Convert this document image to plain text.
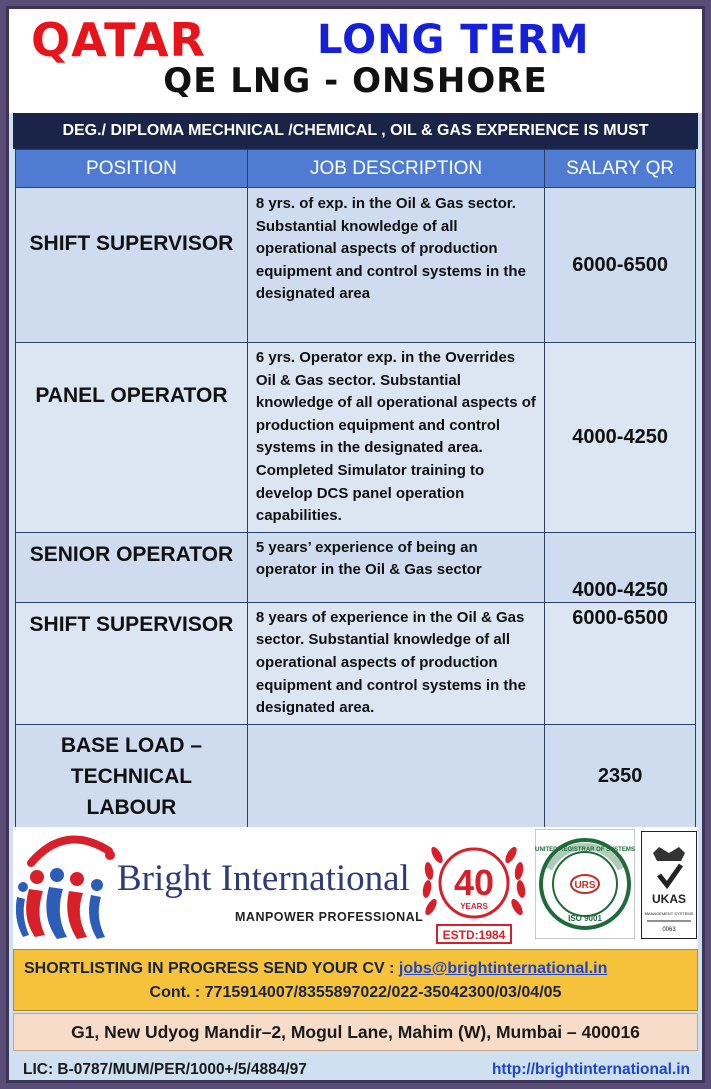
QATAR	LONG TERM
QE LNG - ONSHORE
DEG./ DIPLOMA MECHNICAL /CHEMICAL , OIL & GAS EXPERIENCE IS MUST
POSITION	JOB DESCRIPTION	SALARY QR
SHIFT SUPERVISOR	8 yrs. of exp. in the Oil & Gas sector. Substantial knowledge of all operational aspects of production equipment and control systems in the designated area	6000-6500
PANEL OPERATOR	6 yrs. Operator exp. in the Overrides Oil & Gas sector. Substantial knowledge of all operational aspects of production equipment and control systems in the designated area. Completed Simulator training to develop DCS panel operation capabilities.	4000-4250
SENIOR OPERATOR	5 years’ experience of being an operator in the Oil & Gas sector	4000-4250
SHIFT SUPERVISOR	8 years of experience in the Oil & Gas sector. Substantial knowledge of all operational aspects of production equipment and control systems in the designated area.	6000-6500
BASE LOAD – TECHNICAL LABOUR		2350
Bright International
MANPOWER PROFESSIONAL
40
YEARS
ESTD:1984
UNITED REGISTRAR OF SYSTEMS
URS
ISO 9001
UKAS
MANAGEMENT SYSTEMS
0063
SHORTLISTING IN PROGRESS SEND YOUR CV : jobs@brightinternational.in
Cont. : 7715914007/8355897022/022-35042300/03/04/05
G1, New Udyog Mandir–2, Mogul Lane, Mahim (W), Mumbai – 400016
LIC: B-0787/MUM/PER/1000+/5/4884/97	http://brightinternational.in
